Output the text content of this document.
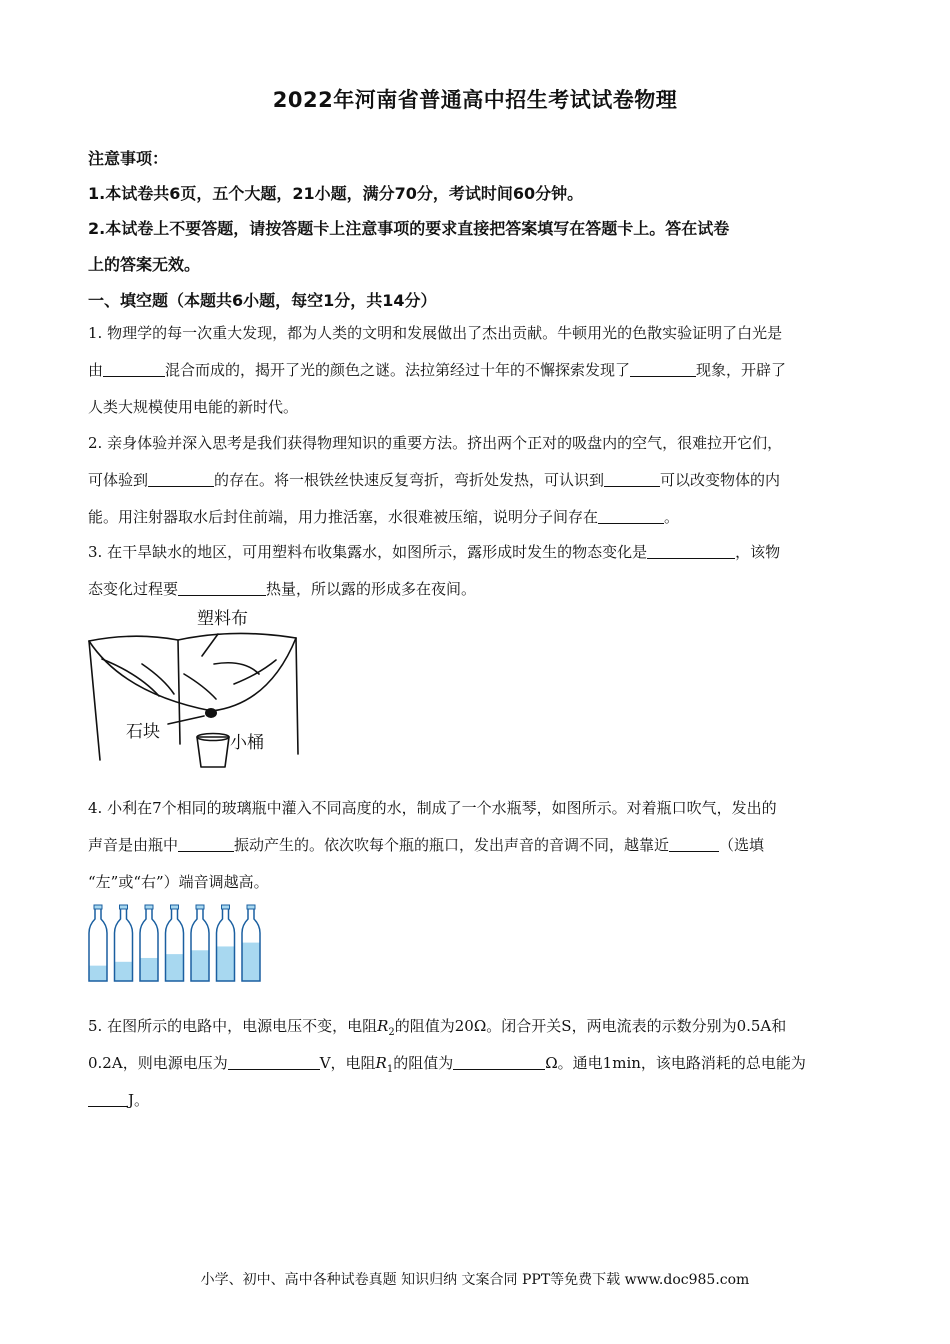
2022年河南省普通高中招生考试试卷物理
注意事项：
1.本试卷共6页，五个大题，21小题，满分70分，考试时间60分钟。
2.本试卷上不要答题，请按答题卡上注意事项的要求直接把答案填写在答题卡上。答在试卷
上的答案无效。
一、填空题（本题共6小题，每空1分，共14分）
1. 物理学的每一次重大发现，都为人类的文明和发展做出了杰出贡献。牛顿用光的色散实验证明了白光是
由	混合而成的，揭开了光的颜色之谜。法拉第经过十年的不懈探索发现了	现象，开辟了
人类大规模使用电能的新时代。
2. 亲身体验并深入思考是我们获得物理知识的重要方法。挤出两个正对的吸盘内的空气，很难拉开它们，
可体验到	的存在。将一根铁丝快速反复弯折，弯折处发热，可认识到	可以改变物体的内
能。用注射器取水后封住前端，用力推活塞，水很难被压缩，说明分子间存在	。
3. 在干旱缺水的地区，可用塑料布收集露水，如图所示，露形成时发生的物态变化是	，该物
态变化过程要	热量，所以露的形成多在夜间。
塑料布
石块
小桶
4. 小利在7个相同的玻璃瓶中灌入不同高度的水，制成了一个水瓶琴，如图所示。对着瓶口吹气，发出的
声音是由瓶中	振动产生的。依次吹每个瓶的瓶口，发出声音的音调不同，越靠近	（选填
“左”或“右”）端音调越高。
5. 在图所示的电路中，电源电压不变，电阻$R_2$的阻值为20Ω。闭合开关S，两电流表的示数分别为0.5A和
0.2A，则电源电压为	V，电阻$R_1$的阻值为	Ω。通电1min，该电路消耗的总电能为
J。
小学、初中、高中各种试卷真题 知识归纳 文案合同 PPT等免费下载 www.doc985.com
